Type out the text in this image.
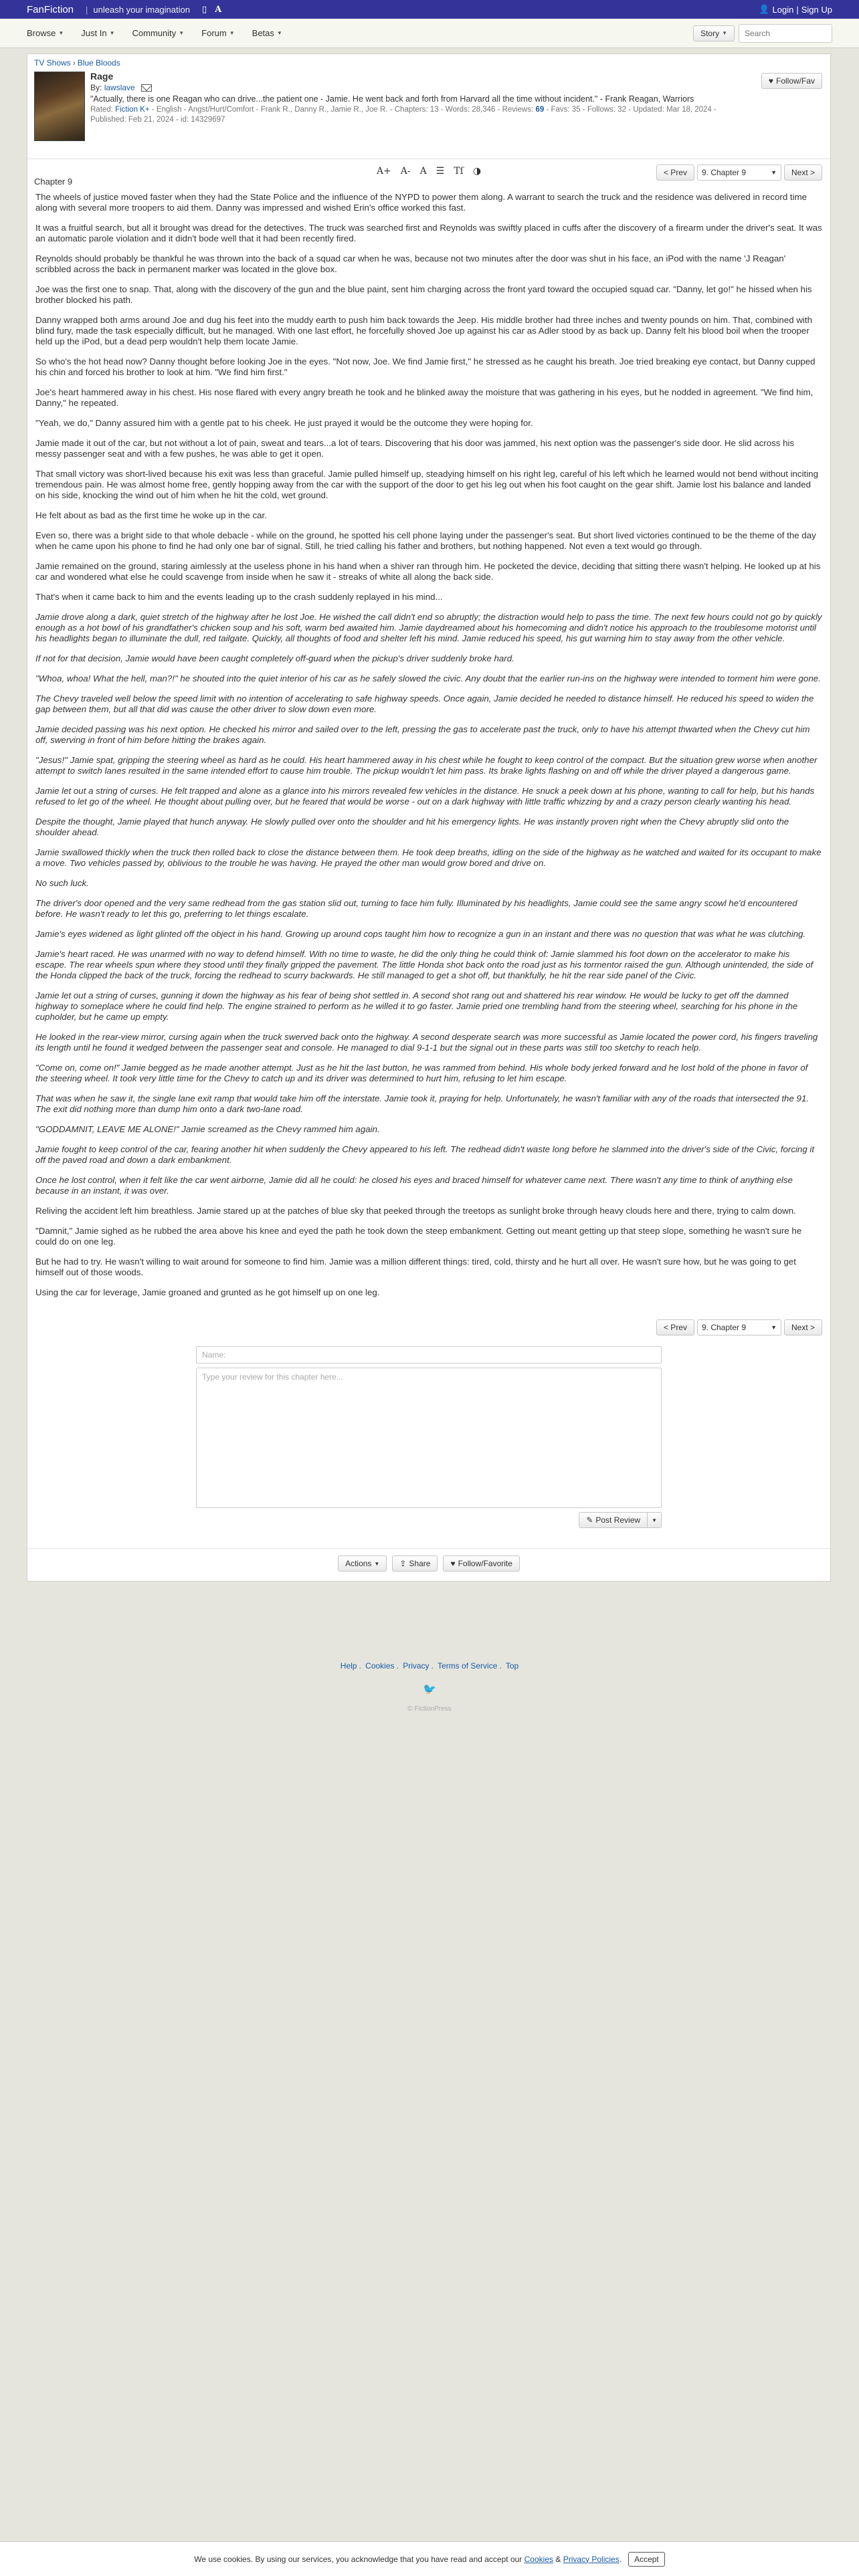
FanFiction | unleash your imagination ▯ A	👤 Login | Sign Up
Browse ▼ Just In ▼ Community ▼ Forum ▼ Betas ▼	Story ▼
Search
TV Shows › Blue Bloods
Rage
By: lawslave
"Actually, there is one Reagan who can drive...the patient one - Jamie. He went back and forth from Harvard all the time without incident." - Frank Reagan, Warriors
Rated: Fiction K+ - English - Angst/Hurt/Comfort - Frank R., Danny R., Jamie R., Joe R. - Chapters: 13 - Words: 28,346 - Reviews: 69 - Favs: 35 - Follows: 32 - Updated: Mar 18, 2024 - Published: Feb 21, 2024 - id: 14329697
♥ Follow/Fav
A+ A- A ☰ Tſ ◑
Chapter 9
< Prev	9. Chapter 9	▼	Next >

The wheels of justice moved faster when they had the State Police and the influence of the NYPD to power them along. A warrant to search the truck and the residence was delivered in record time along with several more troopers to aid them. Danny was impressed and wished Erin's office worked this fast.

It was a fruitful search, but all it brought was dread for the detectives. The truck was searched first and Reynolds was swiftly placed in cuffs after the discovery of a firearm under the driver's seat. It was an automatic parole violation and it didn't bode well that it had been recently fired.

Reynolds should probably be thankful he was thrown into the back of a squad car when he was, because not two minutes after the door was shut in his face, an iPod with the name 'J Reagan' scribbled across the back in permanent marker was located in the glove box.

Joe was the first one to snap. That, along with the discovery of the gun and the blue paint, sent him charging across the front yard toward the occupied squad car. "Danny, let go!" he hissed when his brother blocked his path.

Danny wrapped both arms around Joe and dug his feet into the muddy earth to push him back towards the Jeep. His middle brother had three inches and twenty pounds on him. That, combined with blind fury, made the task especially difficult, but he managed. With one last effort, he forcefully shoved Joe up against his car as Adler stood by as back up. Danny felt his blood boil when the trooper held up the iPod, but a dead perp wouldn't help them locate Jamie.

So who's the hot head now? Danny thought before looking Joe in the eyes. "Not now, Joe. We find Jamie first," he stressed as he caught his breath. Joe tried breaking eye contact, but Danny cupped his chin and forced his brother to look at him. "We find him first."

Joe's heart hammered away in his chest. His nose flared with every angry breath he took and he blinked away the moisture that was gathering in his eyes, but he nodded in agreement. "We find him, Danny," he repeated.

"Yeah, we do," Danny assured him with a gentle pat to his cheek. He just prayed it would be the outcome they were hoping for.

Jamie made it out of the car, but not without a lot of pain, sweat and tears...a lot of tears. Discovering that his door was jammed, his next option was the passenger's side door. He slid across his messy passenger seat and with a few pushes, he was able to get it open.

That small victory was short-lived because his exit was less than graceful. Jamie pulled himself up, steadying himself on his right leg, careful of his left which he learned would not bend without inciting tremendous pain. He was almost home free, gently hopping away from the car with the support of the door to get his leg out when his foot caught on the gear shift. Jamie lost his balance and landed on his side, knocking the wind out of him when he hit the cold, wet ground.

He felt about as bad as the first time he woke up in the car.

Even so, there was a bright side to that whole debacle - while on the ground, he spotted his cell phone laying under the passenger's seat. But short lived victories continued to be the theme of the day when he came upon his phone to find he had only one bar of signal. Still, he tried calling his father and brothers, but nothing happened. Not even a text would go through.

Jamie remained on the ground, staring aimlessly at the useless phone in his hand when a shiver ran through him. He pocketed the device, deciding that sitting there wasn't helping. He looked up at his car and wondered what else he could scavenge from inside when he saw it - streaks of white all along the back side.

That's when it came back to him and the events leading up to the crash suddenly replayed in his mind...

Jamie drove along a dark, quiet stretch of the highway after he lost Joe. He wished the call didn't end so abruptly; the distraction would help to pass the time. The next few hours could not go by quickly enough as a hot bowl of his grandfather's chicken soup and his soft, warm bed awaited him. Jamie daydreamed about his homecoming and didn't notice his approach to the troublesome motorist until his headlights began to illuminate the dull, red tailgate. Quickly, all thoughts of food and shelter left his mind. Jamie reduced his speed, his gut warning him to stay away from the other vehicle.

If not for that decision, Jamie would have been caught completely off-guard when the pickup's driver suddenly broke hard.

"Whoa, whoa! What the hell, man?!" he shouted into the quiet interior of his car as he safely slowed the civic. Any doubt that the earlier run-ins on the highway were intended to torment him were gone.

The Chevy traveled well below the speed limit with no intention of accelerating to safe highway speeds. Once again, Jamie decided he needed to distance himself. He reduced his speed to widen the gap between them, but all that did was cause the other driver to slow down even more.

Jamie decided passing was his next option. He checked his mirror and sailed over to the left, pressing the gas to accelerate past the truck, only to have his attempt thwarted when the Chevy cut him off, swerving in front of him before hitting the brakes again.

"Jesus!" Jamie spat, gripping the steering wheel as hard as he could. His heart hammered away in his chest while he fought to keep control of the compact. But the situation grew worse when another attempt to switch lanes resulted in the same intended effort to cause him trouble. The pickup wouldn't let him pass. Its brake lights flashing on and off while the driver played a dangerous game.

Jamie let out a string of curses. He felt trapped and alone as a glance into his mirrors revealed few vehicles in the distance. He snuck a peek down at his phone, wanting to call for help, but his hands refused to let go of the wheel. He thought about pulling over, but he feared that would be worse - out on a dark highway with little traffic whizzing by and a crazy person clearly wanting his head.

Despite the thought, Jamie played that hunch anyway. He slowly pulled over onto the shoulder and hit his emergency lights. He was instantly proven right when the Chevy abruptly slid onto the shoulder ahead.

Jamie swallowed thickly when the truck then rolled back to close the distance between them. He took deep breaths, idling on the side of the highway as he watched and waited for its occupant to make a move. Two vehicles passed by, oblivious to the trouble he was having. He prayed the other man would grow bored and drive on.

No such luck.

The driver's door opened and the very same redhead from the gas station slid out, turning to face him fully. Illuminated by his headlights, Jamie could see the same angry scowl he'd encountered before. He wasn't ready to let this go, preferring to let things escalate.

Jamie's eyes widened as light glinted off the object in his hand. Growing up around cops taught him how to recognize a gun in an instant and there was no question that was what he was clutching.

Jamie's heart raced. He was unarmed with no way to defend himself. With no time to waste, he did the only thing he could think of: Jamie slammed his foot down on the accelerator to make his escape. The rear wheels spun where they stood until they finally gripped the pavement. The little Honda shot back onto the road just as his tormentor raised the gun. Although unintended, the side of the Honda clipped the back of the truck, forcing the redhead to scurry backwards. He still managed to get a shot off, but thankfully, he hit the rear side panel of the Civic.

Jamie let out a string of curses, gunning it down the highway as his fear of being shot settled in. A second shot rang out and shattered his rear window. He would be lucky to get off the damned highway to someplace where he could find help. The engine strained to perform as he willed it to go faster. Jamie pried one trembling hand from the steering wheel, searching for his phone in the cupholder, but he came up empty.

He looked in the rear-view mirror, cursing again when the truck swerved back onto the highway. A second desperate search was more successful as Jamie located the power cord, his fingers traveling its length until he found it wedged between the passenger seat and console. He managed to dial 9-1-1 but the signal out in these parts was still too sketchy to reach help.

"Come on, come on!" Jamie begged as he made another attempt. Just as he hit the last button, he was rammed from behind. His whole body jerked forward and he lost hold of the phone in favor of the steering wheel. It took very little time for the Chevy to catch up and its driver was determined to hurt him, refusing to let him escape.

That was when he saw it, the single lane exit ramp that would take him off the interstate. Jamie took it, praying for help. Unfortunately, he wasn't familiar with any of the roads that intersected the 91. The exit did nothing more than dump him onto a dark two-lane road.

"GODDAMNIT, LEAVE ME ALONE!" Jamie screamed as the Chevy rammed him again.

Jamie fought to keep control of the car, fearing another hit when suddenly the Chevy appeared to his left. The redhead didn't waste long before he slammed into the driver's side of the Civic, forcing it off the paved road and down a dark embankment.

Once he lost control, when it felt like the car went airborne, Jamie did all he could: he closed his eyes and braced himself for whatever came next. There wasn't any time to think of anything else because in an instant, it was over.

Reliving the accident left him breathless. Jamie stared up at the patches of blue sky that peeked through the treetops as sunlight broke through heavy clouds here and there, trying to calm down.

"Damnit," Jamie sighed as he rubbed the area above his knee and eyed the path he took down the steep embankment. Getting out meant getting up that steep slope, something he wasn't sure he could do on one leg.

But he had to try. He wasn't willing to wait around for someone to find him. Jamie was a million different things: tired, cold, thirsty and he hurt all over. He wasn't sure how, but he was going to get himself out of those woods.

Using the car for leverage, Jamie groaned and grunted as he got himself up on one leg.

< Prev	9. Chapter 9	▼	Next >
Name:
Type your review for this chapter here...
✎ Post Review ▼
Actions ▼	⇪ Share	♥ Follow/Favorite
Help . Cookies . Privacy . Terms of Service . Top
🐦
© FictionPress
We use cookies. By using our services, you acknowledge that you have read and accept our Cookies & Privacy Policies.	Accept
